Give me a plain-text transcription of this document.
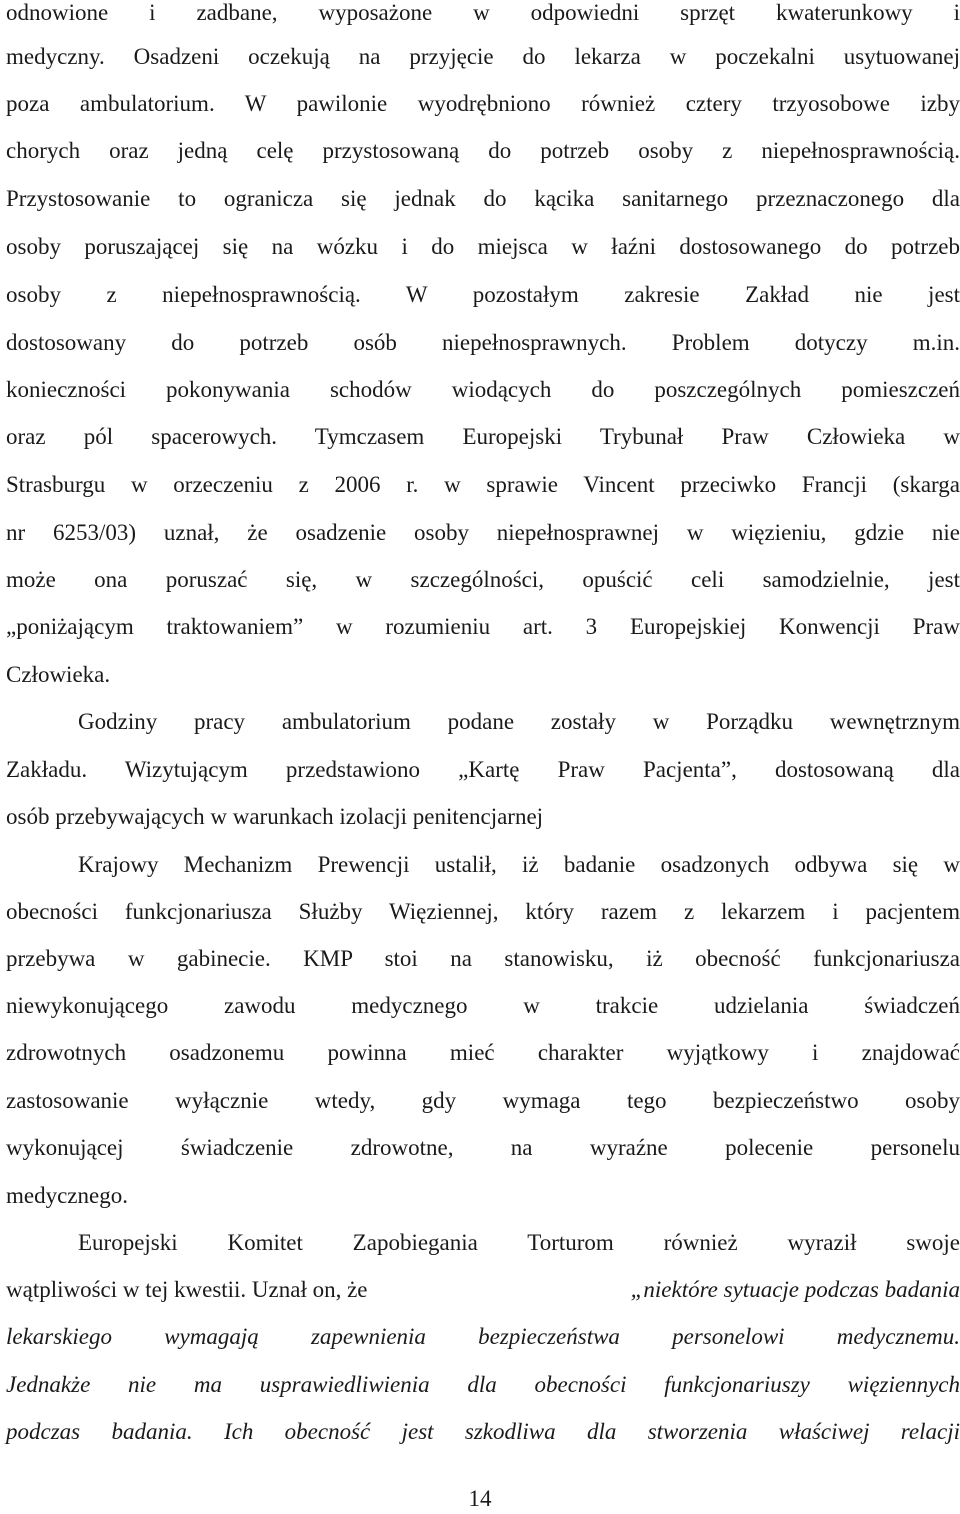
odnowione i zadbane, wyposażone w odpowiedni sprzęt kwaterunkowy i
medyczny. Osadzeni oczekują na przyjęcie do lekarza w poczekalni usytuowanej
poza ambulatorium. W pawilonie wyodrębniono również cztery trzyosobowe izby
chorych oraz jedną celę przystosowaną do potrzeb osoby z niepełnosprawnością.
Przystosowanie to ogranicza się jednak do kącika sanitarnego przeznaczonego dla
osoby poruszającej się na wózku i do miejsca w łaźni dostosowanego do potrzeb
osoby z niepełnosprawnością. W pozostałym zakresie Zakład nie jest
dostosowany do potrzeb osób niepełnosprawnych. Problem dotyczy m.in.
konieczności pokonywania schodów wiodących do poszczególnych pomieszczeń
oraz pól spacerowych. Tymczasem Europejski Trybunał Praw Człowieka w
Strasburgu w orzeczeniu z 2006 r. w sprawie Vincent przeciwko Francji (skarga
nr 6253/03) uznał, że osadzenie osoby niepełnosprawnej w więzieniu, gdzie nie
może ona poruszać się, w szczególności, opuścić celi samodzielnie, jest
„poniżającym traktowaniem” w rozumieniu art. 3 Europejskiej Konwencji Praw
Człowieka.
Godziny pracy ambulatorium podane zostały w Porządku wewnętrznym
Zakładu. Wizytującym przedstawiono „Kartę Praw Pacjenta”, dostosowaną dla
osób przebywających w warunkach izolacji penitencjarnej
Krajowy Mechanizm Prewencji ustalił, iż badanie osadzonych odbywa się w
obecności funkcjonariusza Służby Więziennej, który razem z lekarzem i pacjentem
przebywa w gabinecie. KMP stoi na stanowisku, iż obecność funkcjonariusza
niewykonującego zawodu medycznego w trakcie udzielania świadczeń
zdrowotnych osadzonemu powinna mieć charakter wyjątkowy i znajdować
zastosowanie wyłącznie wtedy, gdy wymaga tego bezpieczeństwo osoby
wykonującej świadczenie zdrowotne, na wyraźne polecenie personelu
medycznego.
Europejski Komitet Zapobiegania Torturom również wyraził swoje
wątpliwości w tej kwestii. Uznał on, że	„niektóre sytuacje podczas badania
lekarskiego wymagają zapewnienia bezpieczeństwa personelowi medycznemu.
Jednakże nie ma usprawiedliwienia dla obecności funkcjonariuszy więziennych
podczas badania. Ich obecność jest szkodliwa dla stworzenia właściwej relacji
14
